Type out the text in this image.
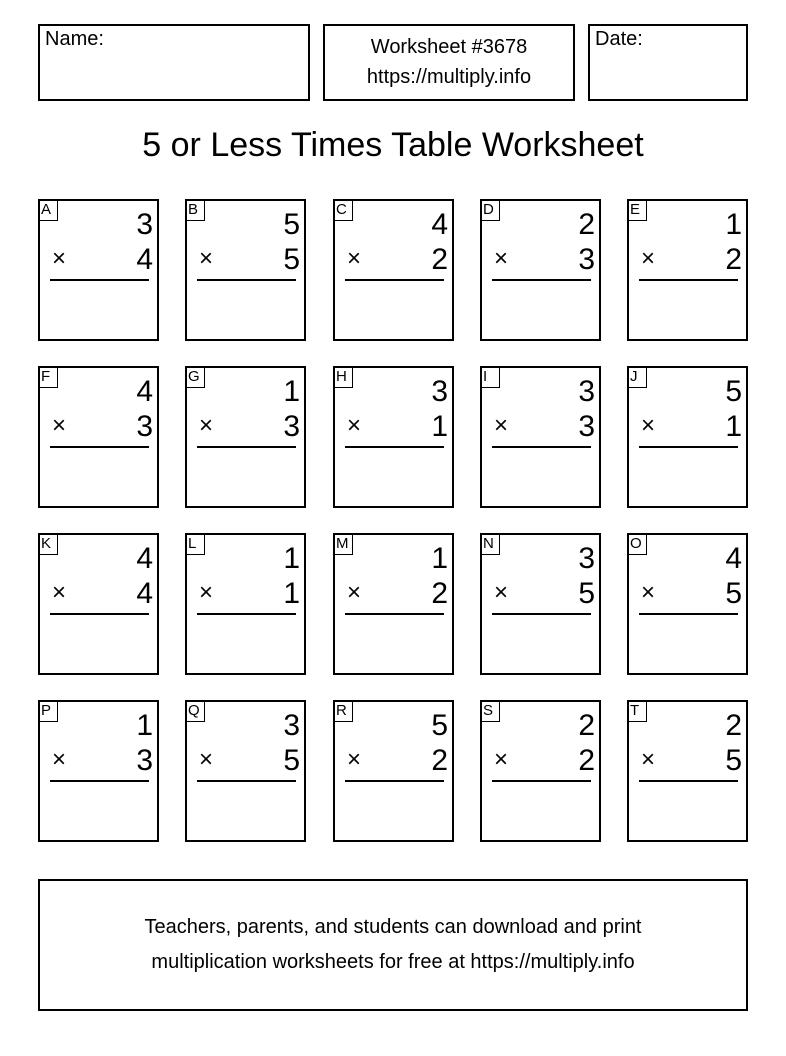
Name:	Worksheet #3678
https://multiply.info
Date:
5 or Less Times Table Worksheet
A	3
× 4
B	5
× 5
C	4
× 2
D	2
× 3
E	1
× 2
F	4
× 3
G	1
× 3
H	3
× 1
I	3
× 3
J	5
× 1
K	4
× 4
L	1
× 1
M	1
× 2
N	3
× 5
O	4
× 5
P	1
× 3
Q	3
× 5
R	5
× 2
S	2
× 2
T	2
× 5
Teachers, parents, and students can download and print
multiplication worksheets for free at https://multiply.info
